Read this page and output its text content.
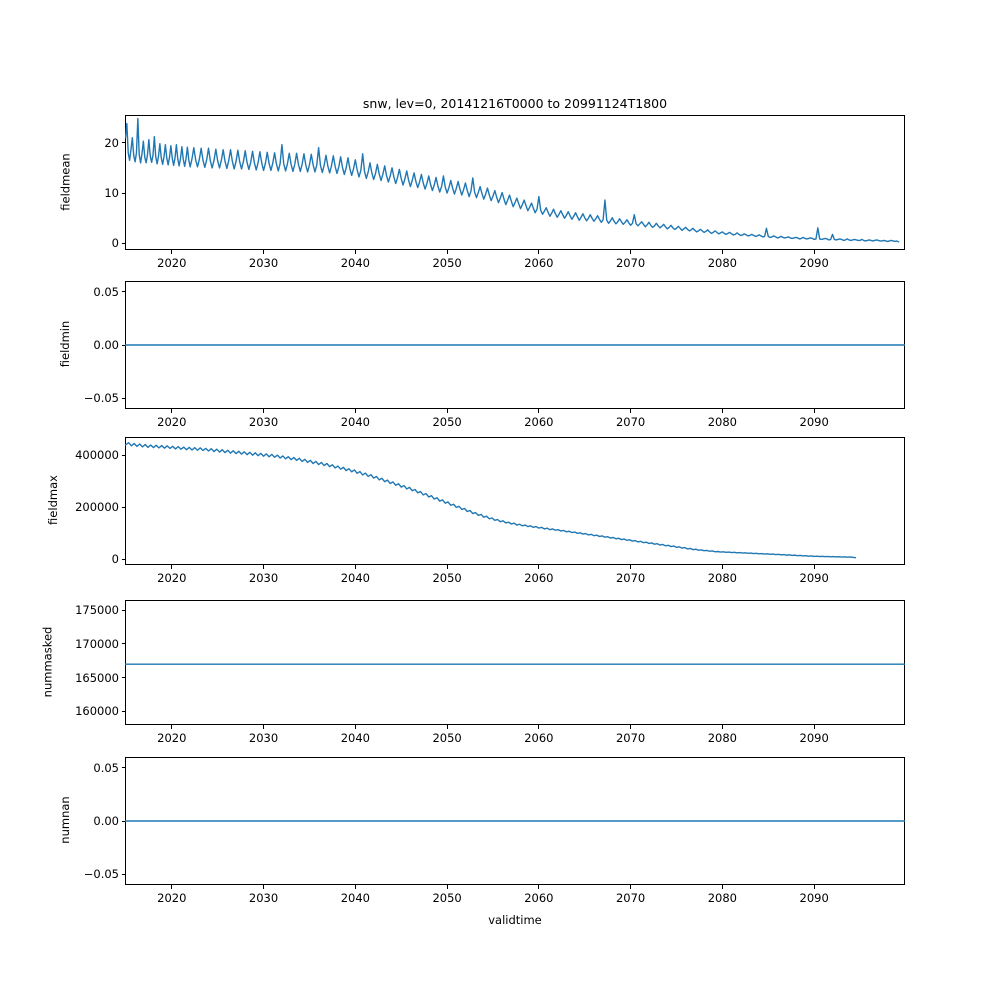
snw, lev=0, 20141216T0000 to 20991124T1800
2020	2030	2040	2050	2060	2070	2080	2090
0
10
20
fieldmean
2020	2030	2040	2050	2060	2070	2080	2090
−0.05
0.00
0.05
fieldmin
2020	2030	2040	2050	2060	2070	2080	2090
0
200000
400000
fieldmax
2020	2030	2040	2050	2060	2070	2080	2090
160000
165000
170000
175000
nummasked
2020	2030	2040	2050	2060	2070	2080	2090
−0.05
0.00
0.05
numnan
validtime
